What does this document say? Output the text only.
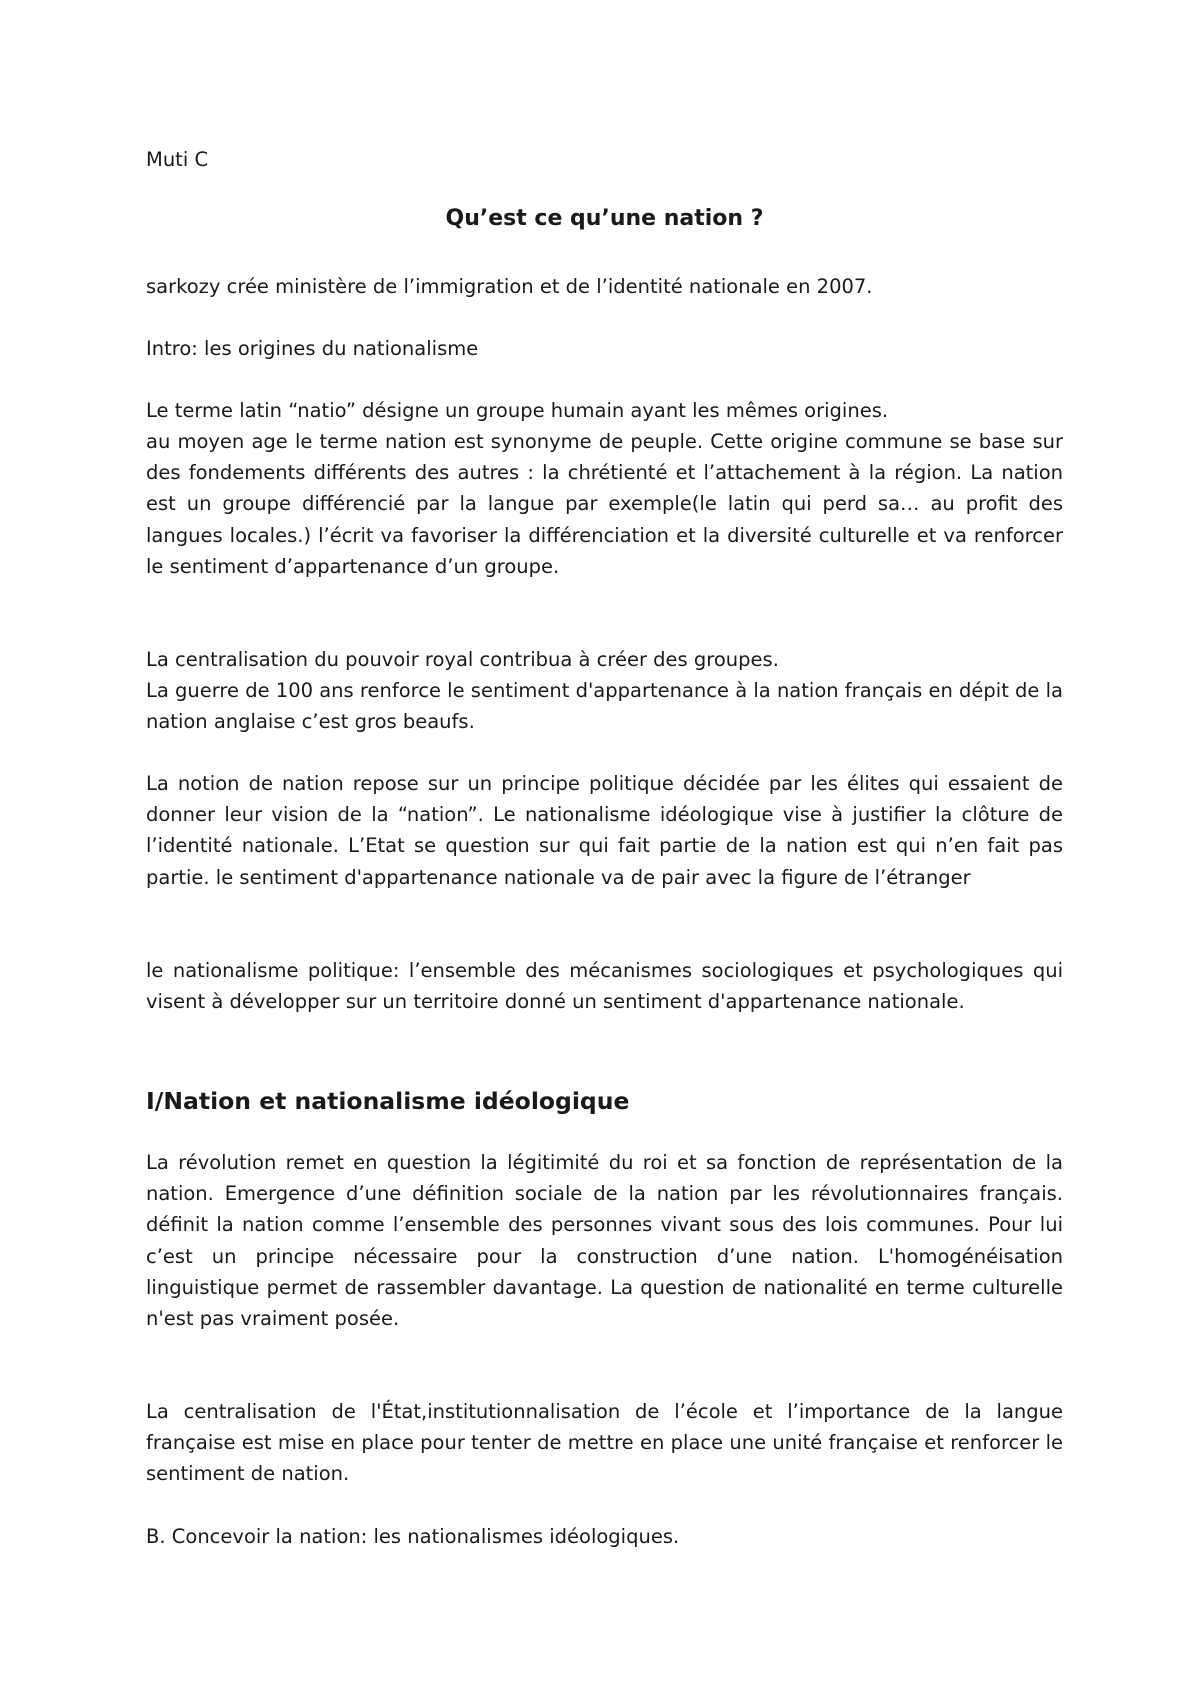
Muti C
Qu’est ce qu’une nation ?

sarkozy crée ministère de l’immigration et de l’identité nationale en 2007.

Intro: les origines du nationalisme

Le terme latin “natio” désigne un groupe humain ayant les mêmes origines.

au moyen age le terme nation est synonyme de peuple. Cette origine commune se base sur des fondements différents des autres : la chrétienté et l’attachement à la région. La nation est un groupe différencié par la langue par exemple(le latin qui perd sa… au profit des langues locales.) l’écrit va favoriser la différenciation et la diversité culturelle et va renforcer le sentiment d’appartenance d’un groupe.

La centralisation du pouvoir royal contribua à créer des groupes.

La guerre de 100 ans renforce le sentiment d'appartenance à la nation français en dépit de la nation anglaise c’est gros beaufs.

La notion de nation repose sur un principe politique décidée par les élites qui essaient de donner leur vision de la “nation”. Le nationalisme idéologique vise à justifier la clôture de l’identité nationale. L’Etat se question sur qui fait partie de la nation est qui n’en fait pas partie. le sentiment d'appartenance nationale va de pair avec la figure de l’étranger

le nationalisme politique: l’ensemble des mécanismes sociologiques et psychologiques qui visent à développer sur un territoire donné un sentiment d'appartenance nationale.

I/Nation et nationalisme idéologique

La révolution remet en question la légitimité du roi et sa fonction de représentation de la nation. Emergence d’une définition sociale de la nation par les révolutionnaires français. définit la nation comme l’ensemble des personnes vivant sous des lois communes. Pour lui c’est un principe nécessaire pour la construction d’une nation. L'homogénéisation linguistique permet de rassembler davantage. La question de nationalité en terme culturelle n'est pas vraiment posée.

La centralisation de l'État,institutionnalisation de l’école et l’importance de la langue française est mise en place pour tenter de mettre en place une unité française et renforcer le sentiment de nation.

B. Concevoir la nation: les nationalismes idéologiques.
